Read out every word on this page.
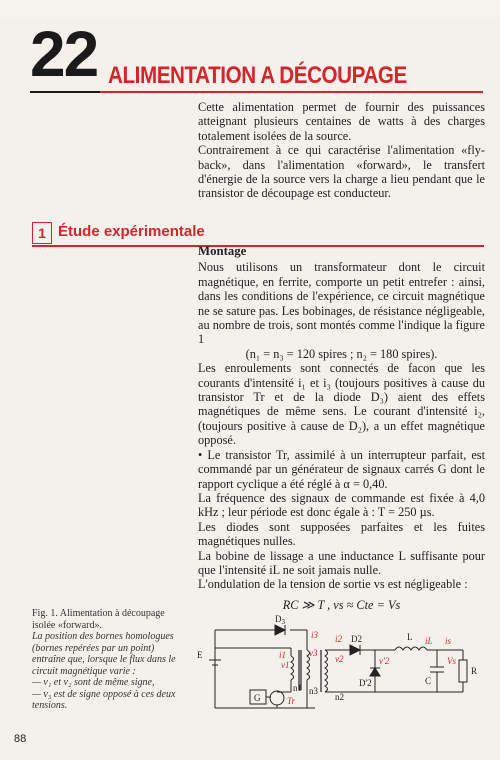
22 ALIMENTATION A DÉCOUPAGE

Cette alimentation permet de fournir des puissances atteignant plusieurs centaines de watts à des charges totalement isolées de la source.

Contrairement à ce qui caractérise l'alimentation «fly-back», dans l'alimentation «forward», le transfert d'énergie de la source vers la charge a lieu pendant que le transistor de découpage est conducteur.

1 Étude expérimentale

Montage

Nous utilisons un transformateur dont le circuit magnétique, en ferrite, comporte un petit entrefer : ainsi, dans les conditions de l'expérience, ce circuit magnétique ne se sature pas. Les bobinages, de résistance négligeable, au nombre de trois, sont montés comme l'indique la figure 1

(n₁ = n₃ = 120 spires ; n₂ = 180 spires).

Les enroulements sont connectés de facon que les courants d'intensité i₁ et i₃ (toujours positives à cause du transistor Tr et de la diode D₃) aient des effets magnétiques de même sens. Le courant d'intensité i₂, (toujours positive à cause de D₂), a un effet magnétique opposé.

• Le transistor Tr, assimilé à un interrupteur parfait, est commandé par un générateur de signaux carrés G dont le rapport cyclique a été réglé à α = 0,40.

La fréquence des signaux de commande est fixée à 4,0 kHz ; leur période est donc égale à : T = 250 µs.

Les diodes sont supposées parfaites et les fuites magnétiques nulles.

La bobine de lissage a une inductance L suffisante pour que l'intensité iL ne soit jamais nulle.

L'ondulation de la tension de sortie vs est négligeable :

RC ≫ T , vs ≈ Cte = Vs

Fig. 1. Alimentation à découpage isolée «forward».

La position des bornes homologues (bornes repérées par un point) entraîne que, lorsque le flux dans le circuit magnétique varie :

— v₁ et v₂ sont de même signe,

— v₃ est de signe opposé à ces deux tensions.

E
$D_3$
i3
i1
v1
v3
n1 n3
G	Tr
i2
v2
D2
D'2
v'2
n2
L iL is
C
Vs
R
88
